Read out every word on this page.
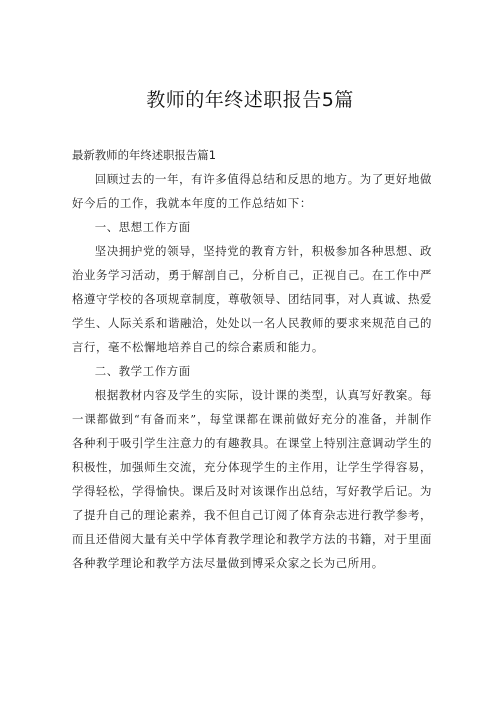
教师的年终述职报告5篇
最新教师的年终述职报告篇1

回顾过去的一年，有许多值得总结和反思的地方。为了更好地做好今后的工作，我就本年度的工作总结如下：

一、思想工作方面

坚决拥护党的领导，坚持党的教育方针，积极参加各种思想、政治业务学习活动，勇于解剖自己，分析自己，正视自己。在工作中严格遵守学校的各项规章制度，尊敬领导、团结同事，对人真诚、热爱学生、人际关系和谐融洽，处处以一名人民教师的要求来规范自己的言行，毫不松懈地培养自己的综合素质和能力。

二、教学工作方面

根据教材内容及学生的实际，设计课的类型，认真写好教案。每一课都做到“有备而来”，每堂课都在课前做好充分的准备，并制作各种利于吸引学生注意力的有趣教具。在课堂上特别注意调动学生的积极性，加强师生交流，充分体现学生的主作用，让学生学得容易，学得轻松，学得愉快。课后及时对该课作出总结，写好教学后记。为了提升自己的理论素养，我不但自己订阅了体育杂志进行教学参考，而且还借阅大量有关中学体育教学理论和教学方法的书籍，对于里面各种教学理论和教学方法尽量做到博采众家之长为己所用。
